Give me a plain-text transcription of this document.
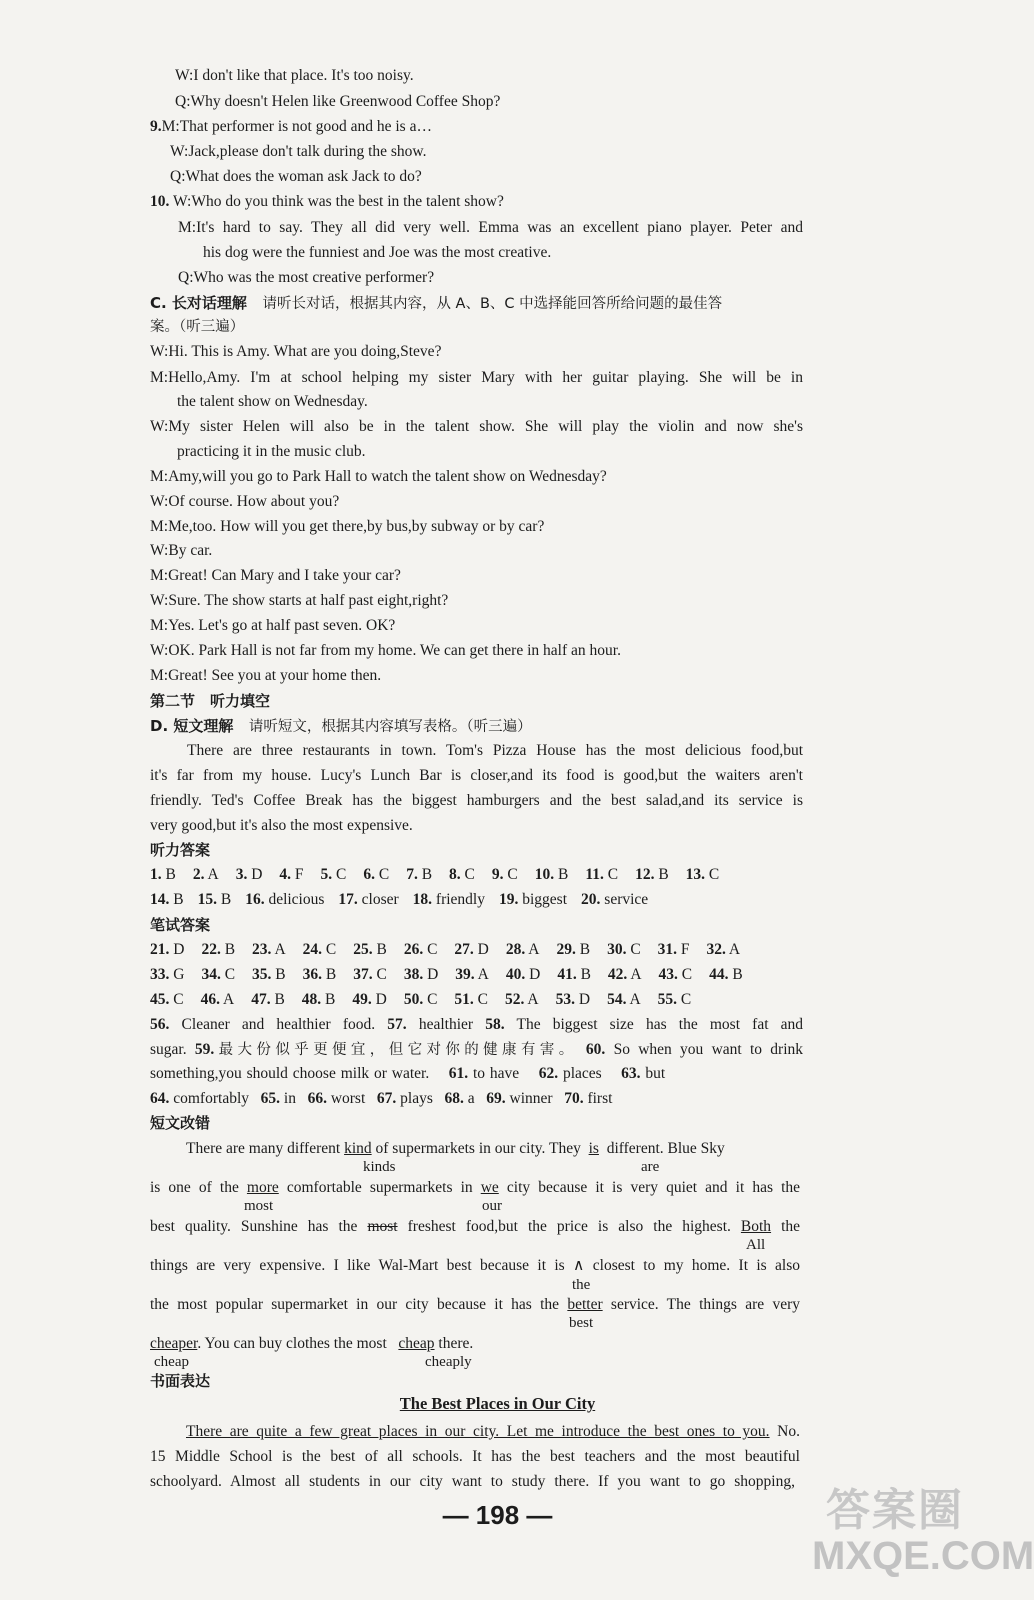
W:I don't like that place. It's too noisy.
Q:Why doesn't Helen like Greenwood Coffee Shop?
9.M:That performer is not good and he is a…
W:Jack,please don't talk during the show.
Q:What does the woman ask Jack to do?
10. W:Who do you think was the best in the talent show?
M:It's hard to say. They all did very well. Emma was an excellent piano player. Peter and
his dog were the funniest and Joe was the most creative.
Q:Who was the most creative performer?
C. 长对话理解　 请听长对话，根据其内容，从 A、B、C 中选择能回答所给问题的最佳答
案。（听三遍）
W:Hi. This is Amy. What are you doing,Steve?
M:Hello,Amy. I'm at school helping my sister Mary with her guitar playing. She will be in
the talent show on Wednesday.
W:My sister Helen will also be in the talent show. She will play the violin and now she's
practicing it in the music club.
M:Amy,will you go to Park Hall to watch the talent show on Wednesday?
W:Of course. How about you?
M:Me,too. How will you get there,by bus,by subway or by car?
W:By car.
M:Great! Can Mary and I take your car?
W:Sure. The show starts at half past eight,right?
M:Yes. Let's go at half past seven. OK?
W:OK. Park Hall is not far from my home. We can get there in half an hour.
M:Great! See you at your home then.
第二节　听力填空
D. 短文理解　 请听短文，根据其内容填写表格。（听三遍）
There are three restaurants in town. Tom's Pizza House has the most delicious food,but
it's far from my house. Lucy's Lunch Bar is closer,and its food is good,but the waiters aren't
friendly. Ted's Coffee Break has the biggest hamburgers and the best salad,and its service is
very good,but it's also the most expensive.
听力答案
1. B 2. A 3. D 4. F 5. C 6. C 7. B 8. C 9. C 10. B 11. C 12. B 13. C
14. B 15. B 16. delicious 17. closer 18. friendly 19. biggest 20. service
笔试答案
21. D 22. B 23. A 24. C 25. B 26. C 27. D 28. A 29. B 30. C 31. F 32. A
33. G 34. C 35. B 36. B 37. C 38. D 39. A 40. D 41. B 42. A 43. C 44. B
45. C 46. A 47. B 48. B 49. D 50. C 51. C 52. A 53. D 54. A 55. C
56. Cleaner and healthier food. 57. healthier 58. The biggest size has the most fat and
sugar. 59.最大份似乎更便宜，但它对你的健康有害。 60. So when you want to drink
something,you should choose milk or water. 61. to have 62. places 63. but
64. comfortably 65. in 66. worst 67. plays 68. a 69. winner 70. first
短文改错
There are many different kind of supermarkets in our city. They is different. Blue Sky
kinds	are
is one of the more comfortable supermarkets in we city because it is very quiet and it has the
most	our
best quality. Sunshine has the most freshest food,but the price is also the highest. Both the
All
things are very expensive. I like Wal-Mart best because it is ∧ closest to my home. It is also
the
the most popular supermarket in our city because it has the better service. The things are very
best
cheaper. You can buy clothes the most cheap there.
cheap	cheaply
书面表达
The Best Places in Our City
There are quite a few great places in our city. Let me introduce the best ones to you. No.
15 Middle School is the best of all schools. It has the best teachers and the most beautiful
schoolyard. Almost all students in our city want to study there. If you want to go shopping,
— 198 —	答案圈
MXQE.COM
